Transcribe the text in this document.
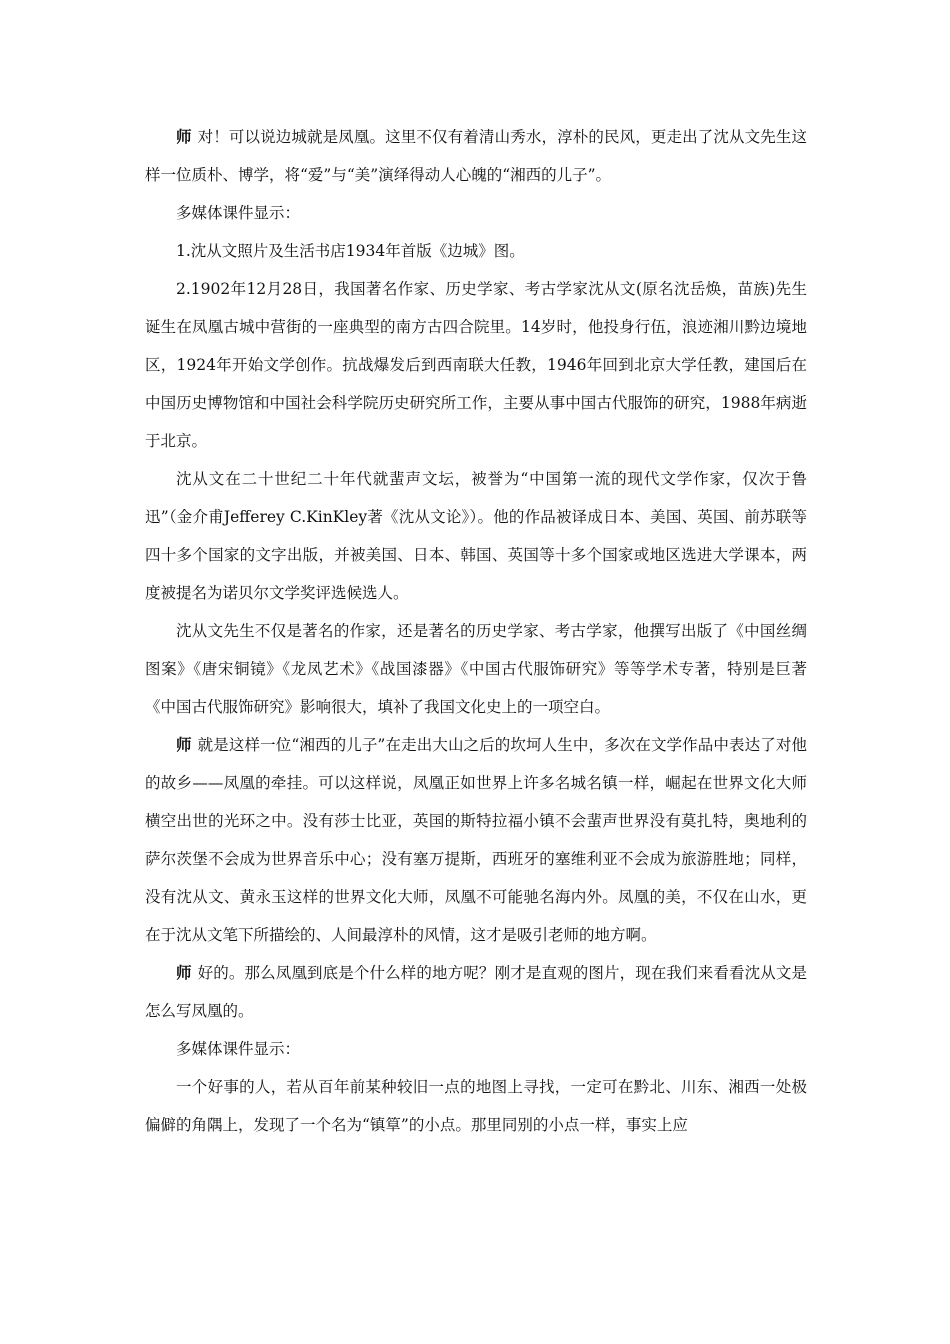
师 对！可以说边城就是凤凰。这里不仅有着清山秀水，淳朴的民风，更走出了沈从文先生这样一位质朴、博学，将“爱”与“美”演绎得动人心魄的“湘西的儿子”。

多媒体课件显示：

1.沈从文照片及生活书店1934年首版《边城》图。

2.1902年12月28日，我国著名作家、历史学家、考古学家沈从文(原名沈岳焕，苗族)先生诞生在凤凰古城中营街的一座典型的南方古四合院里。14岁时，他投身行伍，浪迹湘川黔边境地区，1924年开始文学创作。抗战爆发后到西南联大任教，1946年回到北京大学任教，建国后在中国历史博物馆和中国社会科学院历史研究所工作，主要从事中国古代服饰的研究，1988年病逝于北京。

沈从文在二十世纪二十年代就蜚声文坛，被誉为“中国第一流的现代文学作家，仅次于鲁迅”（金介甫Jefferey C.KinKley著《沈从文论》）。他的作品被译成日本、美国、英国、前苏联等四十多个国家的文字出版，并被美国、日本、韩国、英国等十多个国家或地区选进大学课本，两度被提名为诺贝尔文学奖评选候选人。

沈从文先生不仅是著名的作家，还是著名的历史学家、考古学家，他撰写出版了《中国丝绸图案》《唐宋铜镜》《龙凤艺术》《战国漆器》《中国古代服饰研究》等等学术专著，特别是巨著《中国古代服饰研究》影响很大，填补了我国文化史上的一项空白。

师 就是这样一位“湘西的儿子”在走出大山之后的坎坷人生中，多次在文学作品中表达了对他的故乡——凤凰的牵挂。可以这样说，凤凰正如世界上许多名城名镇一样，崛起在世界文化大师横空出世的光环之中。没有莎士比亚，英国的斯特拉福小镇不会蜚声世界没有莫扎特，奥地利的萨尔茨堡不会成为世界音乐中心；没有塞万提斯，西班牙的塞维利亚不会成为旅游胜地；同样，没有沈从文、黄永玉这样的世界文化大师，凤凰不可能驰名海内外。凤凰的美，不仅在山水，更在于沈从文笔下所描绘的、人间最淳朴的风情，这才是吸引老师的地方啊。

师 好的。那么凤凰到底是个什么样的地方呢？刚才是直观的图片，现在我们来看看沈从文是怎么写凤凰的。

多媒体课件显示：

一个好事的人，若从百年前某种较旧一点的地图上寻找，一定可在黔北、川东、湘西一处极偏僻的角隅上，发现了一个名为“镇筸”的小点。那里同别的小点一样，事实上应
